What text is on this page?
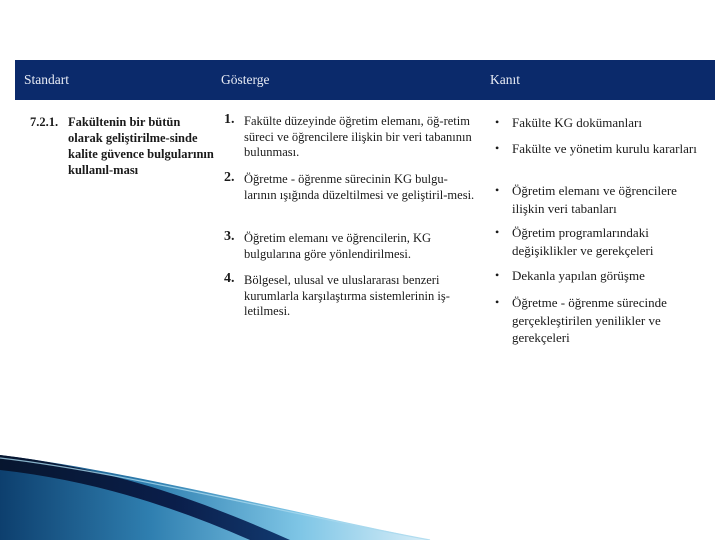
Standart	Gösterge	Kanıt
7.2.1. Fakültenin bir bütün olarak geliştirilme-sinde kalite güvence bulgularının kullanıl-ması
1. Fakülte düzeyinde öğretim elemanı, öğ-retim süreci ve öğrencilere ilişkin bir veri tabanının bulunması.
2. Öğretme - öğrenme sürecinin KG bulgu-larının ışığında düzeltilmesi ve geliştiril-mesi.
3. Öğretim elemanı ve öğrencilerin, KG bulgularına göre yönlendirilmesi.
4. Bölgesel, ulusal ve uluslararası benzeri kurumlarla karşılaştırma sistemlerinin iş-letilmesi.
• Fakülte KG dokümanları
• Fakülte ve yönetim kurulu kararları
• Öğretim elemanı ve öğrencilere ilişkin veri tabanları
• Öğretim programlarındaki değişiklikler ve gerekçeleri
• Dekanla yapılan görüşme
• Öğretme - öğrenme sürecinde gerçekleştirilen yenilikler ve gerekçeleri
